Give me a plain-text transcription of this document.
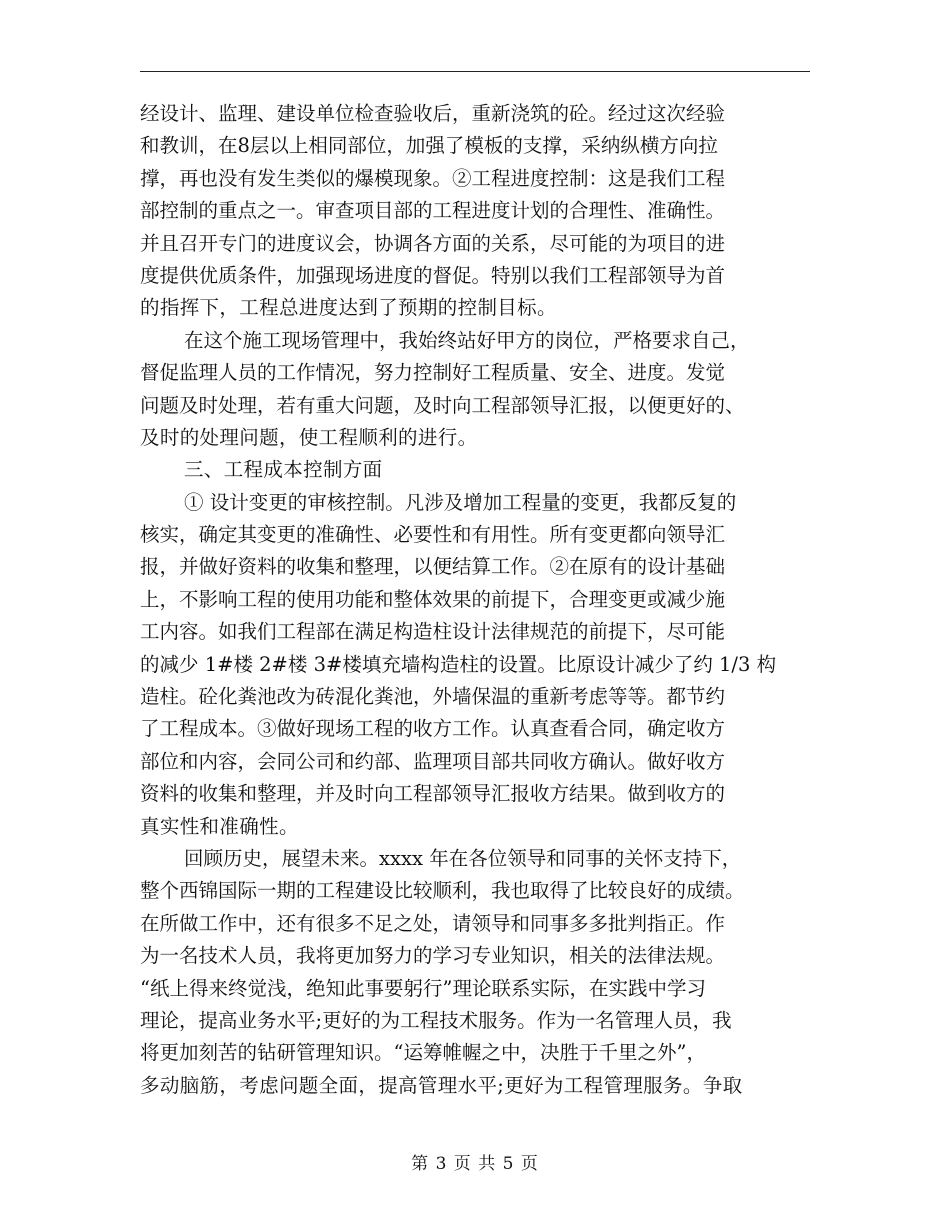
经设计、监理、建设单位检查验收后，重新浇筑的砼。经过这次经验
和教训，在8层以上相同部位，加强了模板的支撑，采纳纵横方向拉
撑，再也没有发生类似的爆模现象。②工程进度控制：这是我们工程
部控制的重点之一。审查项目部的工程进度计划的合理性、准确性。
并且召开专门的进度议会，协调各方面的关系，尽可能的为项目的进
度提供优质条件，加强现场进度的督促。特别以我们工程部领导为首
的指挥下，工程总进度达到了预期的控制目标。
在这个施工现场管理中，我始终站好甲方的岗位，严格要求自己，
督促监理人员的工作情况，努力控制好工程质量、安全、进度。发觉
问题及时处理，若有重大问题，及时向工程部领导汇报，以便更好的、
及时的处理问题，使工程顺利的进行。
三、工程成本控制方面
① 设计变更的审核控制。凡涉及增加工程量的变更，我都反复的
核实，确定其变更的准确性、必要性和有用性。所有变更都向领导汇
报，并做好资料的收集和整理，以便结算工作。②在原有的设计基础
上，不影响工程的使用功能和整体效果的前提下，合理变更或减少施
工内容。如我们工程部在满足构造柱设计法律规范的前提下，尽可能
的减少 1#楼 2#楼 3#楼填充墙构造柱的设置。比原设计减少了约 1/3 构
造柱。砼化粪池改为砖混化粪池，外墙保温的重新考虑等等。都节约
了工程成本。③做好现场工程的收方工作。认真查看合同，确定收方
部位和内容，会同公司和约部、监理项目部共同收方确认。做好收方
资料的收集和整理，并及时向工程部领导汇报收方结果。做到收方的
真实性和准确性。
回顾历史，展望未来。xxxx 年在各位领导和同事的关怀支持下，
整个西锦国际一期的工程建设比较顺利，我也取得了比较良好的成绩。
在所做工作中，还有很多不足之处，请领导和同事多多批判指正。作
为一名技术人员，我将更加努力的学习专业知识，相关的法律法规。
“纸上得来终觉浅，绝知此事要躬行”理论联系实际，在实践中学习
理论，提高业务水平;更好的为工程技术服务。作为一名管理人员，我
将更加刻苦的钻研管理知识。“运筹帷幄之中，决胜于千里之外”，
多动脑筋，考虑问题全面，提高管理水平;更好为工程管理服务。争取
第 3 页 共 5 页
